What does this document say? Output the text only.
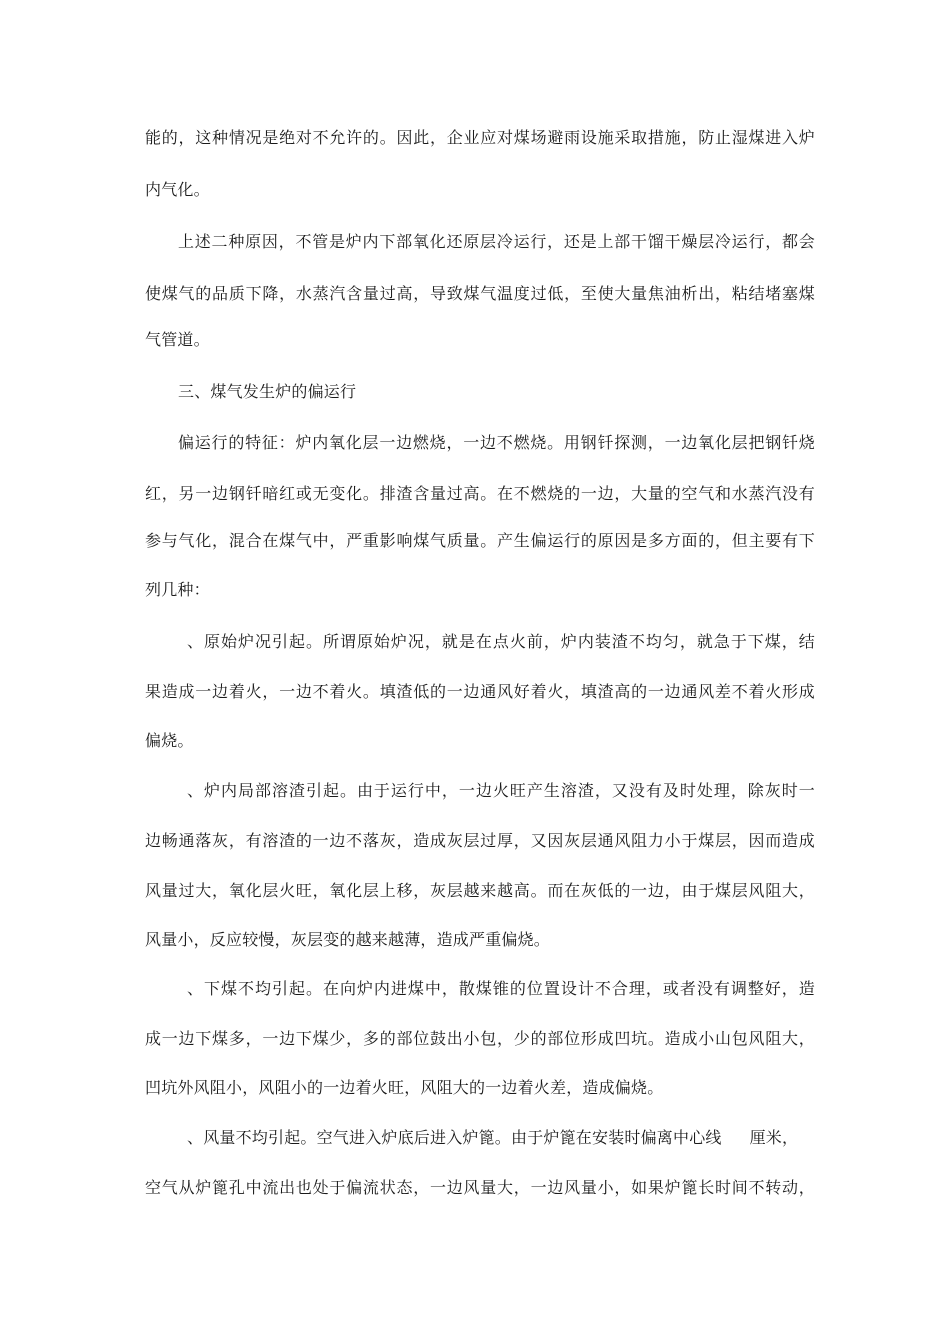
能的，这种情况是绝对不允许的。因此，企业应对煤场避雨设施采取措施，防止湿煤进入炉
内气化。
上述二种原因，不管是炉内下部氧化还原层冷运行，还是上部干馏干燥层冷运行，都会
使煤气的品质下降，水蒸汽含量过高，导致煤气温度过低，至使大量焦油析出，粘结堵塞煤
气管道。
三、煤气发生炉的偏运行
偏运行的特征：炉内氧化层一边燃烧，一边不燃烧。用钢钎探测，一边氧化层把钢钎烧
红，另一边钢钎暗红或无变化。排渣含量过高。在不燃烧的一边，大量的空气和水蒸汽没有
参与气化，混合在煤气中，严重影响煤气质量。产生偏运行的原因是多方面的，但主要有下
列几种：
、原始炉况引起。所谓原始炉况，就是在点火前，炉内装渣不均匀，就急于下煤，结
果造成一边着火，一边不着火。填渣低的一边通风好着火，填渣高的一边通风差不着火形成
偏烧。
、炉内局部溶渣引起。由于运行中，一边火旺产生溶渣，又没有及时处理，除灰时一
边畅通落灰，有溶渣的一边不落灰，造成灰层过厚，又因灰层通风阻力小于煤层，因而造成
风量过大，氧化层火旺，氧化层上移，灰层越来越高。而在灰低的一边，由于煤层风阻大，
风量小，反应较慢，灰层变的越来越薄，造成严重偏烧。
、下煤不均引起。在向炉内进煤中，散煤锥的位置设计不合理，或者没有调整好，造
成一边下煤多，一边下煤少，多的部位鼓出小包，少的部位形成凹坑。造成小山包风阻大，
凹坑外风阻小，风阻小的一边着火旺，风阻大的一边着火差，造成偏烧。
、风量不均引起。空气进入炉底后进入炉篦。由于炉篦在安装时偏离中心线 厘米，
空气从炉篦孔中流出也处于偏流状态，一边风量大，一边风量小，如果炉篦长时间不转动，
